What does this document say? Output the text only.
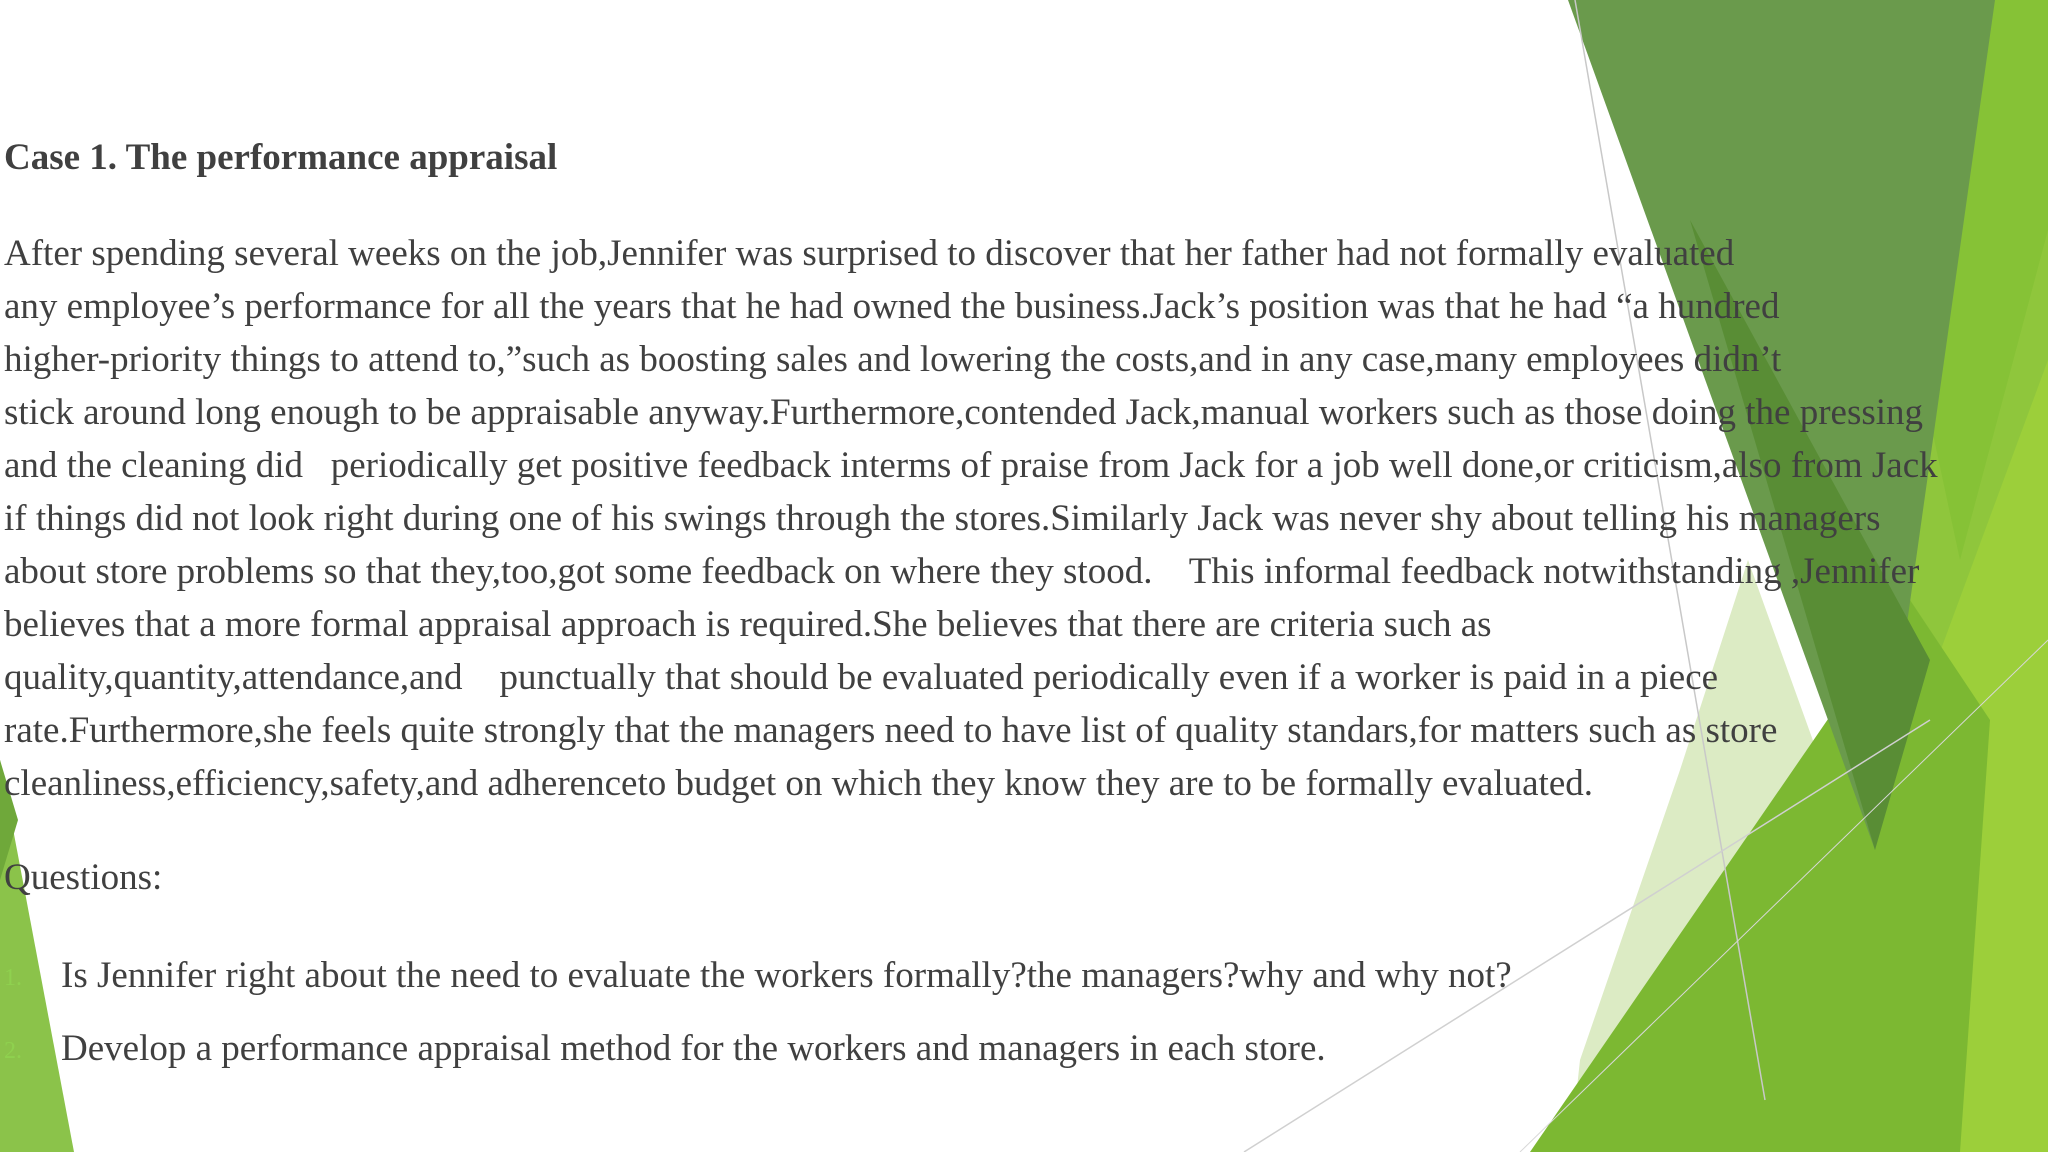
Case 1. The performance appraisal
After spending several weeks on the job,Jennifer was surprised to discover that her father had not formally evaluated
any employee’s performance for all the years that he had owned the business.Jack’s position was that he had “a hundred
higher-priority things to attend to,”such as boosting sales and lowering the costs,and in any case,many employees didn’t
stick around long enough to be appraisable anyway.Furthermore,contended Jack,manual workers such as those doing the pressing
and the cleaning did   periodically get positive feedback interms of praise from Jack for a job well done,or criticism,also from Jack
if things did not look right during one of his swings through the stores.Similarly Jack was never shy about telling his managers
about store problems so that they,too,got some feedback on where they stood.    This informal feedback notwithstanding ,Jennifer
believes that a more formal appraisal approach is required.She believes that there are criteria such as
quality,quantity,attendance,and    punctually that should be evaluated periodically even if a worker is paid in a piece
rate.Furthermore,she feels quite strongly that the managers need to have list of quality standars,for matters such as store
cleanliness,efficiency,safety,and adherenceto budget on which they know they are to be formally evaluated.
Questions:
1. Is Jennifer right about the need to evaluate the workers formally?the managers?why and why not?
2. Develop a performance appraisal method for the workers and managers in each store.
